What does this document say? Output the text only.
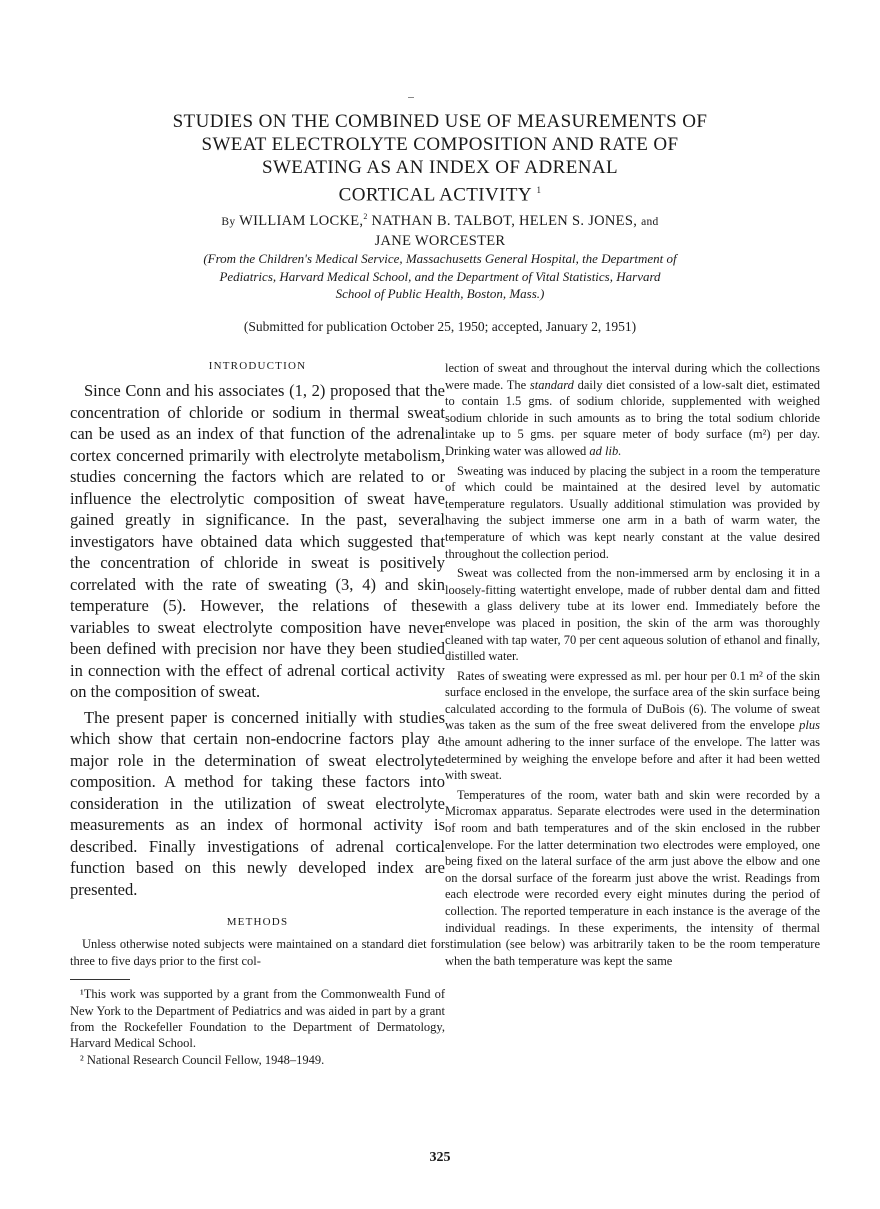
STUDIES ON THE COMBINED USE OF MEASUREMENTS OF
SWEAT ELECTROLYTE COMPOSITION AND RATE OF
SWEATING AS AN INDEX OF ADRENAL
CORTICAL ACTIVITY $^1$
By WILLIAM LOCKE,$^2$ NATHAN B. TALBOT, HELEN S. JONES, and
JANE WORCESTER
(From the Children's Medical Service, Massachusetts General Hospital, the Department of
Pediatrics, Harvard Medical School, and the Department of Vital Statistics, Harvard
School of Public Health, Boston, Mass.)
(Submitted for publication October 25, 1950; accepted, January 2, 1951)
INTRODUCTION

Since Conn and his associates (1, 2) proposed that the concentration of chloride or sodium in thermal sweat can be used as an index of that function of the adrenal cortex concerned primarily with electrolyte metabolism, studies concerning the factors which are related to or influence the electrolytic composition of sweat have gained greatly in significance. In the past, several investigators have obtained data which suggested that the concentration of chloride in sweat is positively correlated with the rate of sweating (3, 4) and skin temperature (5). However, the relations of these variables to sweat electrolyte composition have never been defined with precision nor have they been studied in connection with the effect of adrenal cortical activity on the composition of sweat.

The present paper is concerned initially with studies which show that certain non-endocrine factors play a major role in the determination of sweat electrolyte composition. A method for taking these factors into consideration in the utilization of sweat electrolyte measurements as an index of hormonal activity is described. Finally investigations of adrenal cortical function based on this newly developed index are presented.

METHODS

Unless otherwise noted subjects were maintained on a standard diet for three to five days prior to the first col-

¹This work was supported by a grant from the Commonwealth Fund of New York to the Department of Pediatrics and was aided in part by a grant from the Rockefeller Foundation to the Department of Dermatology, Harvard Medical School.

² National Research Council Fellow, 1948–1949.

lection of sweat and throughout the interval during which the collections were made. The standard daily diet consisted of a low-salt diet, estimated to contain 1.5 gms. of sodium chloride, supplemented with weighed sodium chloride in such amounts as to bring the total sodium chloride intake up to 5 gms. per square meter of body surface (m²) per day. Drinking water was allowed ad lib.

Sweating was induced by placing the subject in a room the temperature of which could be maintained at the desired level by automatic temperature regulators. Usually additional stimulation was provided by having the subject immerse one arm in a bath of warm water, the temperature of which was kept nearly constant at the value desired throughout the collection period.

Sweat was collected from the non-immersed arm by enclosing it in a loosely-fitting watertight envelope, made of rubber dental dam and fitted with a glass delivery tube at its lower end. Immediately before the envelope was placed in position, the skin of the arm was thoroughly cleaned with tap water, 70 per cent aqueous solution of ethanol and finally, distilled water.

Rates of sweating were expressed as ml. per hour per 0.1 m² of the skin surface enclosed in the envelope, the surface area of the skin surface being calculated according to the formula of DuBois (6). The volume of sweat was taken as the sum of the free sweat delivered from the envelope plus the amount adhering to the inner surface of the envelope. The latter was determined by weighing the envelope before and after it had been wetted with sweat.

Temperatures of the room, water bath and skin were recorded by a Micromax apparatus. Separate electrodes were used in the determination of room and bath temperatures and of the skin enclosed in the rubber envelope. For the latter determination two electrodes were employed, one being fixed on the lateral surface of the arm just above the elbow and one on the dorsal surface of the forearm just above the wrist. Readings from each electrode were recorded every eight minutes during the period of collection. The reported temperature in each instance is the average of the individual readings. In these experiments, the intensity of thermal stimulation (see below) was arbitrarily taken to be the room temperature when the bath temperature was kept the same

325
